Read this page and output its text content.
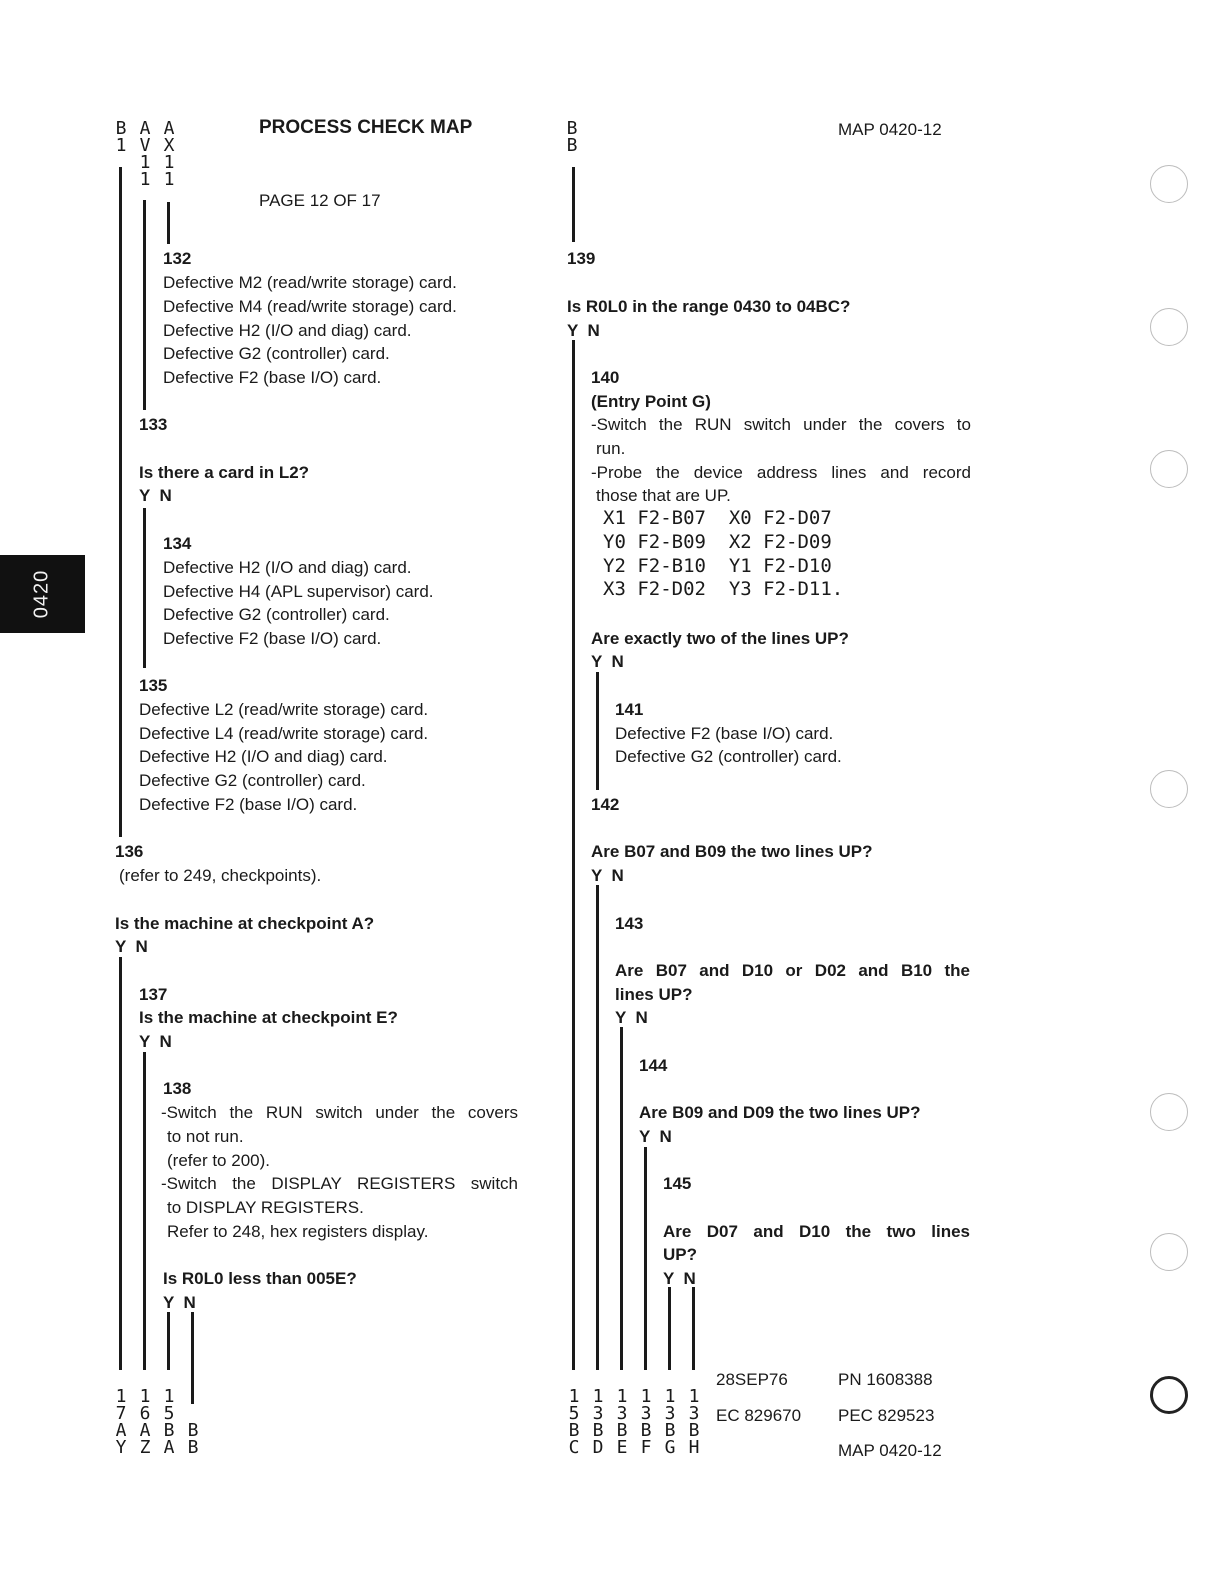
0420
PROCESS CHECK MAP
PAGE 12 OF 17
MAP 0420-12
B
1
A
V
1
1
A
X
1
1
B
B
132
Defective M2 (read/write storage) card.
Defective M4 (read/write storage) card.
Defective H2 (I/O and diag) card.
Defective G2 (controller) card.
Defective F2 (base I/O) card.
133
Is there a card in L2?
Y  N
134
Defective H2 (I/O and diag) card.
Defective H4 (APL supervisor) card.
Defective G2 (controller) card.
Defective F2 (base I/O) card.
135
Defective L2 (read/write storage) card.
Defective L4 (read/write storage) card.
Defective H2 (I/O and diag) card.
Defective G2 (controller) card.
Defective F2 (base I/O) card.
136
(refer to 249, checkpoints).
Is the machine at checkpoint A?
Y  N
137
Is the machine at checkpoint E?
Y  N
138
-Switch the RUN switch under the covers
to not run.
(refer to 200).
-Switch the DISPLAY REGISTERS switch
to DISPLAY REGISTERS.
Refer to 248, hex registers display.
Is R0L0 less than 005E?
Y  N
139
Is R0L0 in the range 0430 to 04BC?
Y  N
140
(Entry Point G)
-Switch the RUN switch under the covers to
run.
-Probe the device address lines and record
those that are UP.
X1 F2-B07  X0 F2-D07
Y0 F2-B09  X2 F2-D09
Y2 F2-B10  Y1 F2-D10
X3 F2-D02  Y3 F2-D11.
Are exactly two of the lines UP?
Y  N
141
Defective F2 (base I/O) card.
Defective G2 (controller) card.
142
Are B07 and B09 the two lines UP?
Y  N
143
Are B07 and D10 or D02 and B10 the
lines UP?
Y  N
144
Are B09 and D09 the two lines UP?
Y  N
145
Are D07 and D10 the two lines
UP?
Y  N
1
7
A
Y
1
6
A
Z
1
5
B
A

B
B
1
5
B
C
1
3
B
D
1
3
B
E
1
3
B
F
1
3
B
G
1
3
B
H
28SEP76	PN 1608388
EC 829670 PEC 829523
MAP 0420-12
